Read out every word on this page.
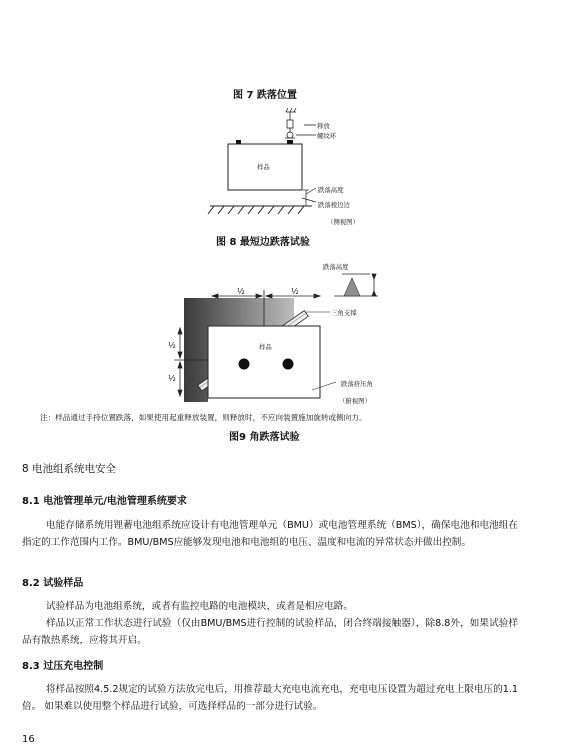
图 7 跌落位置
释放
螺纹环
样品
跌落高度
跌落棱边边
（侧视图）
图 8 最短边跌落试验
跌落高度
½	½
½
½
三角支撑
样品
跌落挤压角
（俯视图）
注：样品通过手持位置跌落，如果使用起重释放装置，则释放时，不应向装置施加旋转或侧向力。
图9 角跌落试验
8 电池组系统电安全
8.1 电池管理单元/电池管理系统要求
电能存储系统用锂蓄电池组系统应设计有电池管理单元（BMU）或电池管理系统（BMS），确保电池和电池组在指定的工作范围内工作。BMU/BMS应能够发现电池和电池组的电压、温度和电流的异常状态并做出控制。
8.2 试验样品
试验样品为电池组系统，或者有监控电路的电池模块，或者是相应电路。
样品以正常工作状态进行试验（仅由BMU/BMS进行控制的试验样品，闭合终端接触器），除8.8外，如果试验样品有散热系统，应将其开启。
8.3 过压充电控制
将样品按照4.5.2规定的试验方法放完电后，用推荐最大充电电流充电，充电电压设置为超过充电上限电压的1.1倍。 如果难以使用整个样品进行试验，可选择样品的一部分进行试验。
16
